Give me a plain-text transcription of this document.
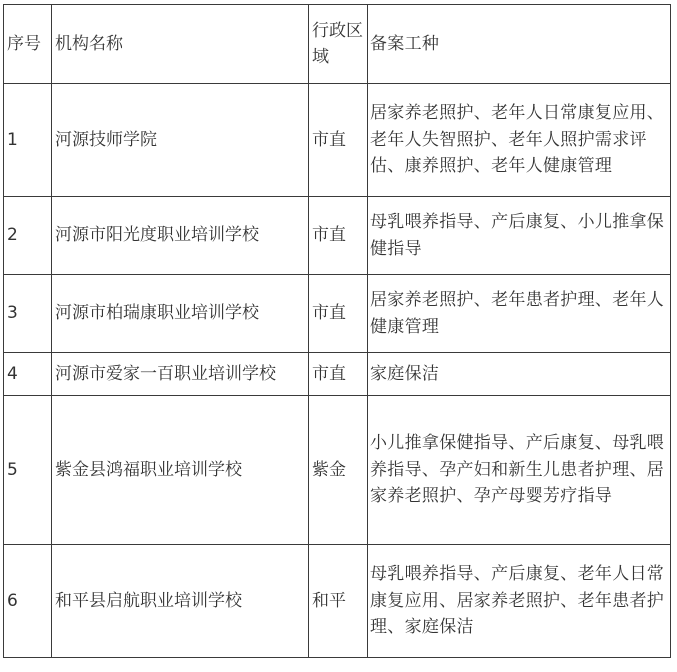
序号	机构名称	行政区域	备案工种
1	河源技师学院	市直	居家养老照护、老年人日常康复应用、老年人失智照护、老年人照护需求评估、康养照护、老年人健康管理
2	河源市阳光度职业培训学校	市直	母乳喂养指导、产后康复、小儿推拿保健指导
3	河源市柏瑞康职业培训学校	市直	居家养老照护、老年患者护理、老年人健康管理
4	河源市爱家一百职业培训学校	市直	家庭保洁
5	紫金县鸿福职业培训学校	紫金	小儿推拿保健指导、产后康复、母乳喂养指导、孕产妇和新生儿患者护理、居家养老照护、孕产母婴芳疗指导
6	和平县启航职业培训学校	和平	母乳喂养指导、产后康复、老年人日常康复应用、居家养老照护、老年患者护理、家庭保洁
